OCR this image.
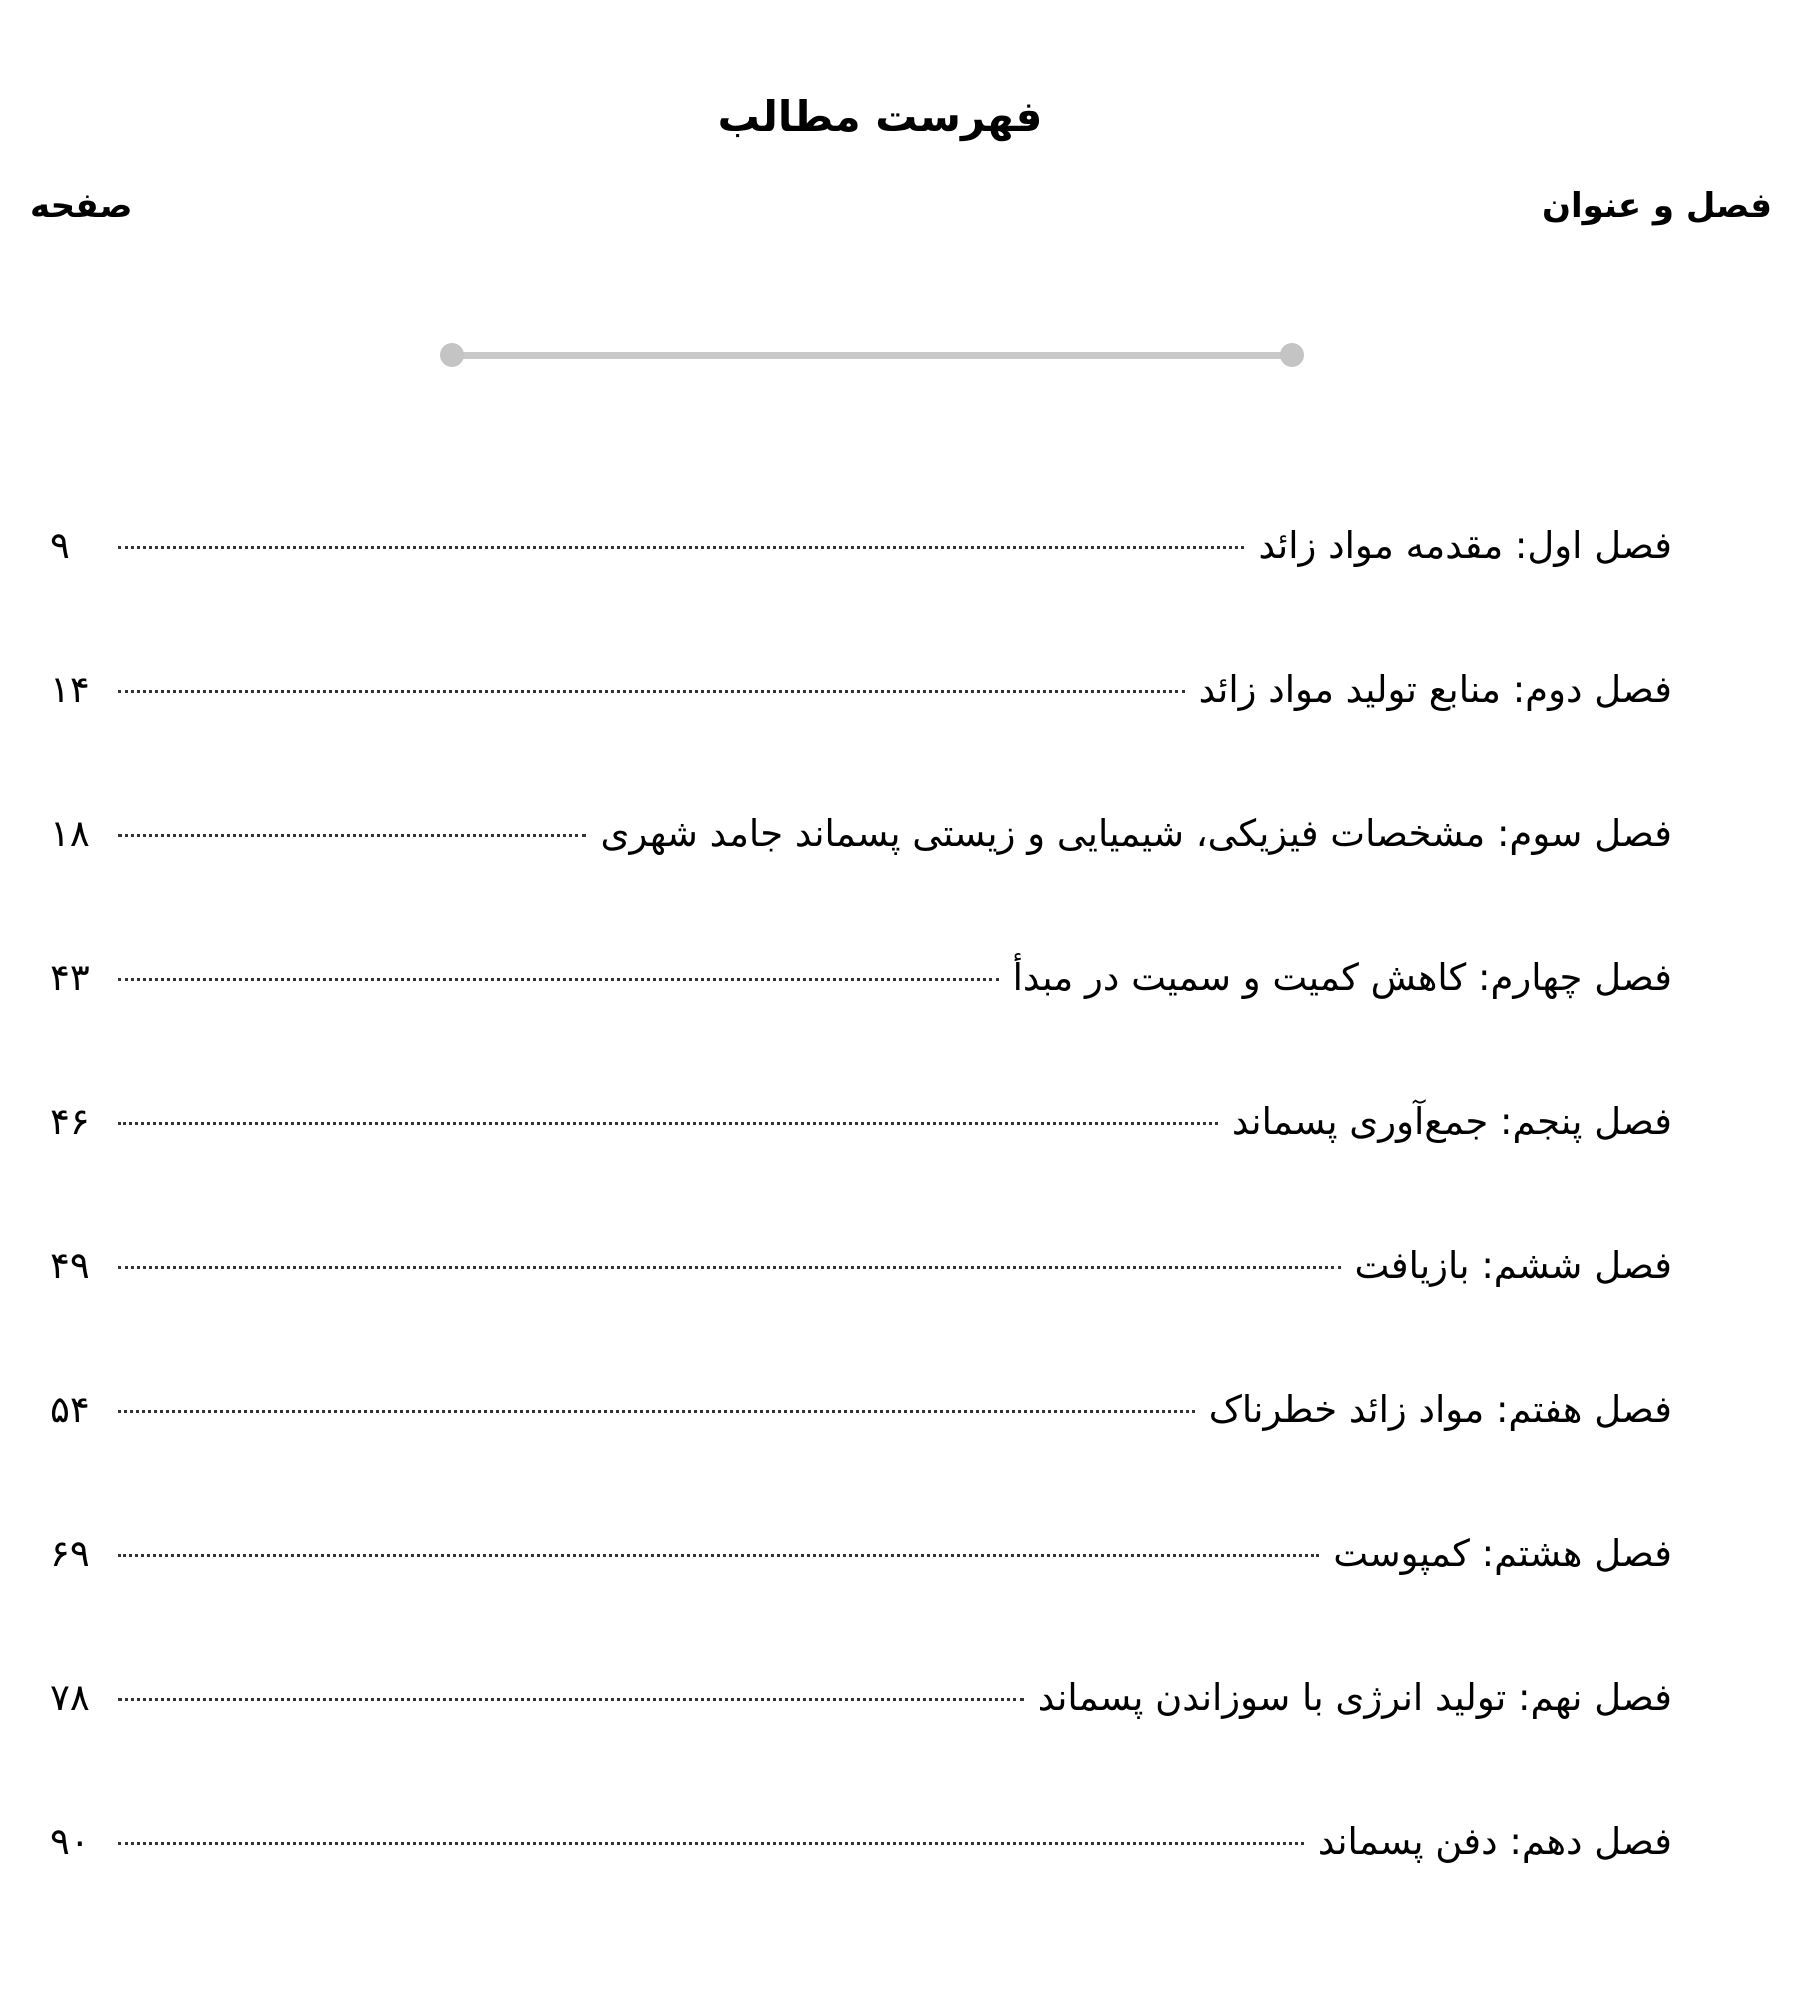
فهرست مطالب
فصل و عنوان
صفحه
فصل اول: مقدمه مواد زائد
۹
فصل دوم: منابع تولید مواد زائد
۱۴
فصل سوم: مشخصات فیزیکی، شیمیایی و زیستی پسماند جامد شهری
۱۸
فصل چهارم: کاهش کمیت و سمیت در مبدأ
۴۳
فصل پنجم: جمع‌آوری پسماند
۴۶
فصل ششم: بازیافت
۴۹
فصل هفتم: مواد زائد خطرناک
۵۴
فصل هشتم: کمپوست
۶۹
فصل نهم: تولید انرژی با سوزاندن پسماند
۷۸
فصل دهم: دفن پسماند
۹۰
